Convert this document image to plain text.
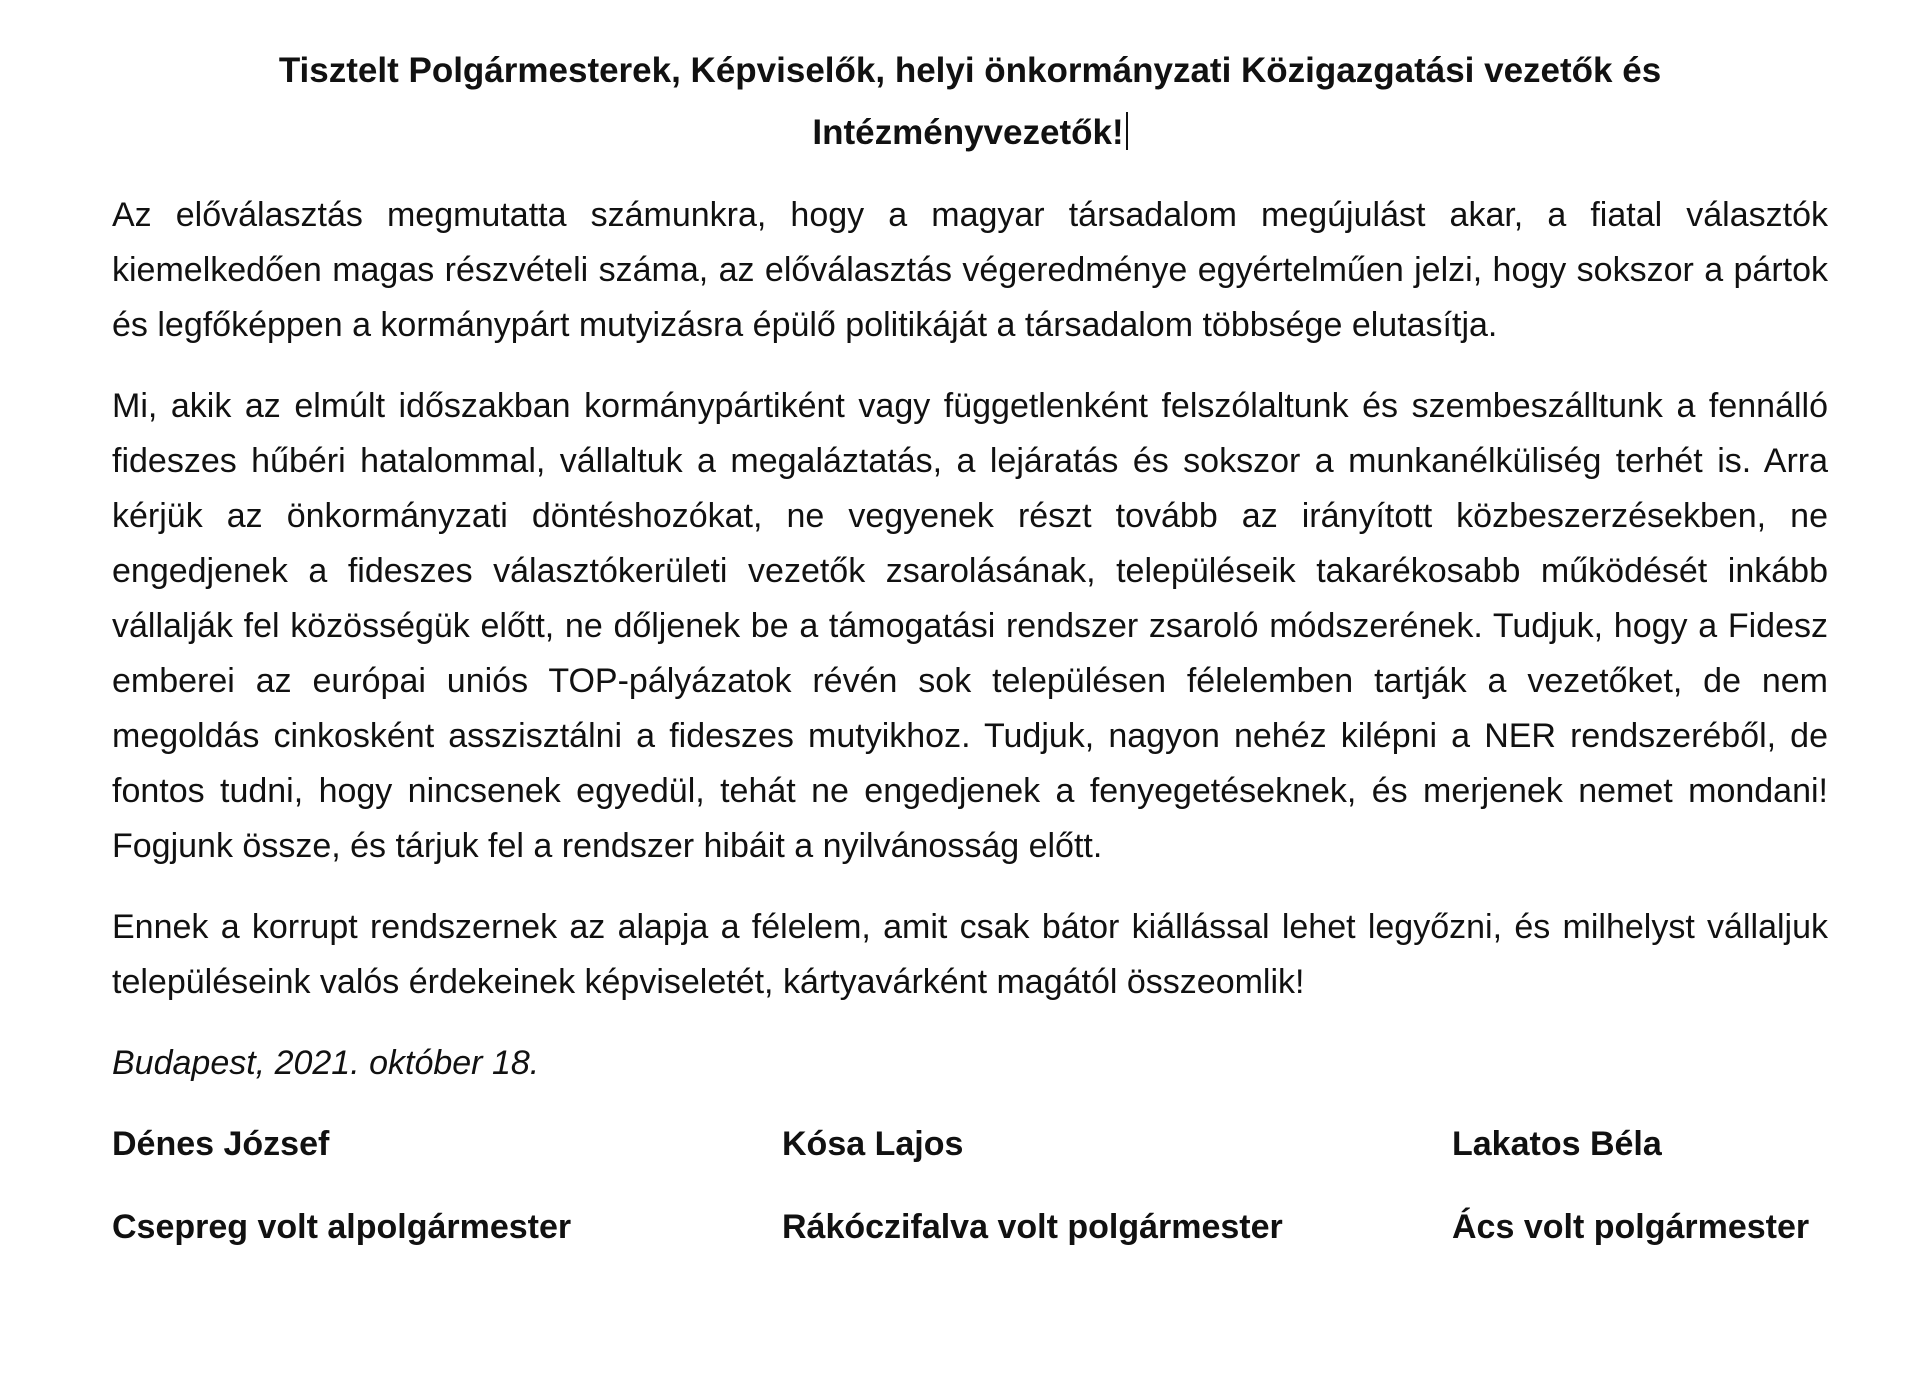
Tisztelt Polgármesterek, Képviselők, helyi önkormányzati Közigazgatási vezetők és
Intézményvezetők!

Az előválasztás megmutatta számunkra, hogy a magyar társadalom megújulást akar, a fiatal választók kiemelkedően magas részvételi száma, az előválasztás végeredménye egyértelműen jelzi, hogy sokszor a pártok és legfőképpen a kormánypárt mutyizásra épülő politikáját a társadalom többsége elutasítja.

Mi, akik az elmúlt időszakban kormánypártiként vagy függetlenként felszólaltunk és szembeszálltunk a fennálló fideszes hűbéri hatalommal, vállaltuk a megaláztatás, a lejáratás és sokszor a munkanélküliség terhét is. Arra kérjük az önkormányzati döntéshozókat, ne vegyenek részt tovább az irányított közbeszerzésekben, ne engedjenek a fideszes választókerületi vezetők zsarolásának, településeik takarékosabb működését inkább vállalják fel közösségük előtt, ne dőljenek be a támogatási rendszer zsaroló módszerének. Tudjuk, hogy a Fidesz emberei az európai uniós TOP-pályázatok révén sok településen félelemben tartják a vezetőket, de nem megoldás cinkosként asszisztálni a fideszes mutyikhoz. Tudjuk, nagyon nehéz kilépni a NER rendszeréből, de fontos tudni, hogy nincsenek egyedül, tehát ne engedjenek a fenyegetéseknek, és merjenek nemet mondani! Fogjunk össze, és tárjuk fel a rendszer hibáit a nyilvánosság előtt.

Ennek a korrupt rendszernek az alapja a félelem, amit csak bátor kiállással lehet legyőzni, és milhelyst vállaljuk településeink valós érdekeinek képviseletét, kártyavárként magától összeomlik!

Budapest, 2021. október 18.

Dénes József	Kósa Lajos	Lakatos Béla
Csepreg volt alpolgármester	Rákóczifalva volt polgármester	Ács volt polgármester
